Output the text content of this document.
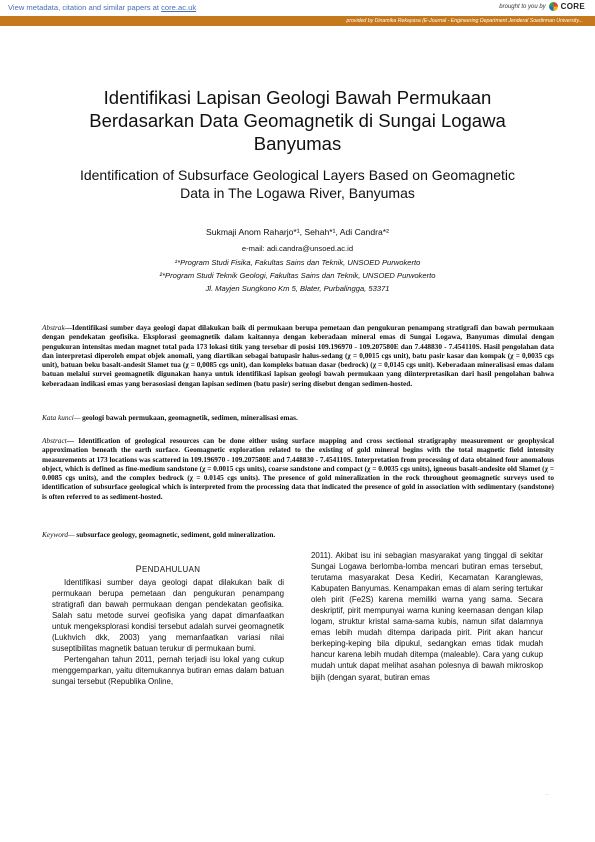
View metadata, citation and similar papers at core.ac.uk	brought to you by CORE
provided by Dinamika Rekayasa (E-Journal - Engineering Department Jenderal Soedirman University...
Identifikasi Lapisan Geologi Bawah Permukaan
Berdasarkan Data Geomagnetik di Sungai Logawa
Banyumas
Identification of Subsurface Geological Layers Based on Geomagnetic
Data in The Logawa River, Banyumas
Sukmaji Anom Raharjo*¹, Sehah*¹, Adi Candra*²
e-mail: adi.candra@unsoed.ac.id
¹*Program Studi Fisika, Fakultas Sains dan Teknik, UNSOED Purwokerto
²*Program Studi Teknik Geologi, Fakultas Sains dan Teknik, UNSOED Purwokerto
Jl. Mayjen Sungkono Km 5, Blater, Purbalingga, 53371
Abstrak—Identifikasi sumber daya geologi dapat dilakukan baik di permukaan berupa pemetaan dan pengukuran penampang stratigrafi dan bawah permukaan dengan pendekatan geofisika. Eksplorasi geomagnetik dalam kaitannya dengan keberadaan mineral emas di Sungai Logawa, Banyumas dimulai dengan pengukuran intensitas medan magnet total pada 173 lokasi titik yang tersebar di posisi 109.196970 - 109.207580E dan 7.448830 - 7.454110S. Hasil pengolahan data dan interpretasi diperoleh empat objek anomali, yang diartikan sebagai batupasir halus-sedang (χ = 0,0015 cgs unit), batu pasir kasar dan kompak (χ = 0,0035 cgs unit), batuan beku basalt-andesit Slamet tua (χ = 0,0085 cgs unit), dan kompleks batuan dasar (bedrock) (χ = 0,0145 cgs unit). Keberadaan mineralisasi emas dalam batuan melalui survei geomagnetik digunakan hanya untuk identifikasi lapisan geologi bawah permukaan yang diinterpretasikan dari hasil pengolahan bahwa keberadaan indikasi emas yang berasosiasi dengan lapisan sedimen (batu pasir) sering disebut dengan sedimen-hosted.
Kata kunci— geologi bawah permukaan, geomagnetik, sedimen, mineralisasi emas.
Abstract— Identification of geological resources can be done either using surface mapping and cross sectional stratigraphy measurement or geophysical approximation beneath the earth surface. Geomagnetic exploration related to the existing of gold mineral begins with the total magnetic field intensity measurements at 173 locations was scattered in 109.196970 - 109.207580E and 7.448830 - 7.454110S. Interpretation from processing of data obtained four anomalous object, which is defined as fine-medium sandstone (χ = 0.0015 cgs units), coarse sandstone and compact (χ = 0.0035 cgs units), igneous basalt-andesite old Slamet (χ = 0.0085 cgs units), and the complex bedrock (χ = 0.0145 cgs units). The presence of gold mineralization in the rock throughout geomagnetic surveys used to identification of subsurface geological which is interpreted from the processing data that indicated the presence of gold in association with sedimentary (sandstone) is often referred to as sediment-hosted.
Keyword— subsurface geology, geomagnetic, sediment, gold mineralization.
PENDAHULUAN

Identifikasi sumber daya geologi dapat dilakukan baik di permukaan berupa pemetaan dan pengukuran penampang stratigrafi dan bawah permukaan dengan pendekatan geofisika. Salah satu metode survei geofisika yang dapat dimanfaatkan untuk mengeksplorasi kondisi tersebut adalah survei geomagnetik (Lukhvich dkk, 2003) yang memanfaatkan variasi nilai suseptibilitas magnetik batuan terukur di permukaan bumi.

Pertengahan tahun 2011, pernah terjadi isu lokal yang cukup menggemparkan, yaitu ditemukannya butiran emas dalam batuan sungai tersebut (Republika Online,

2011). Akibat isu ini sebagian masyarakat yang tinggal di sekitar Sungai Logawa berlomba-lomba mencari butiran emas tersebut, terutama masyarakat Desa Kediri, Kecamatan Karanglewas, Kabupaten Banyumas. Kenampakan emas di alam sering tertukar oleh pirit (Fe2S) karena memiliki warna yang sama. Secara deskriptif, pirit mempunyai warna kuning keemasan dengan kilap logam, struktur kristal sama-sama kubis, namun sifat dalamnya emas lebih mudah ditempa daripada pirit. Pirit akan hancur berkeping-keping bila dipukul, sedangkan emas tidak mudah hancur karena lebih mudah ditempa (maleable). Cara yang cukup mudah untuk dapat melihat asahan polesnya di bawah mikroskop bijih (dengan syarat, butiran emas

—
